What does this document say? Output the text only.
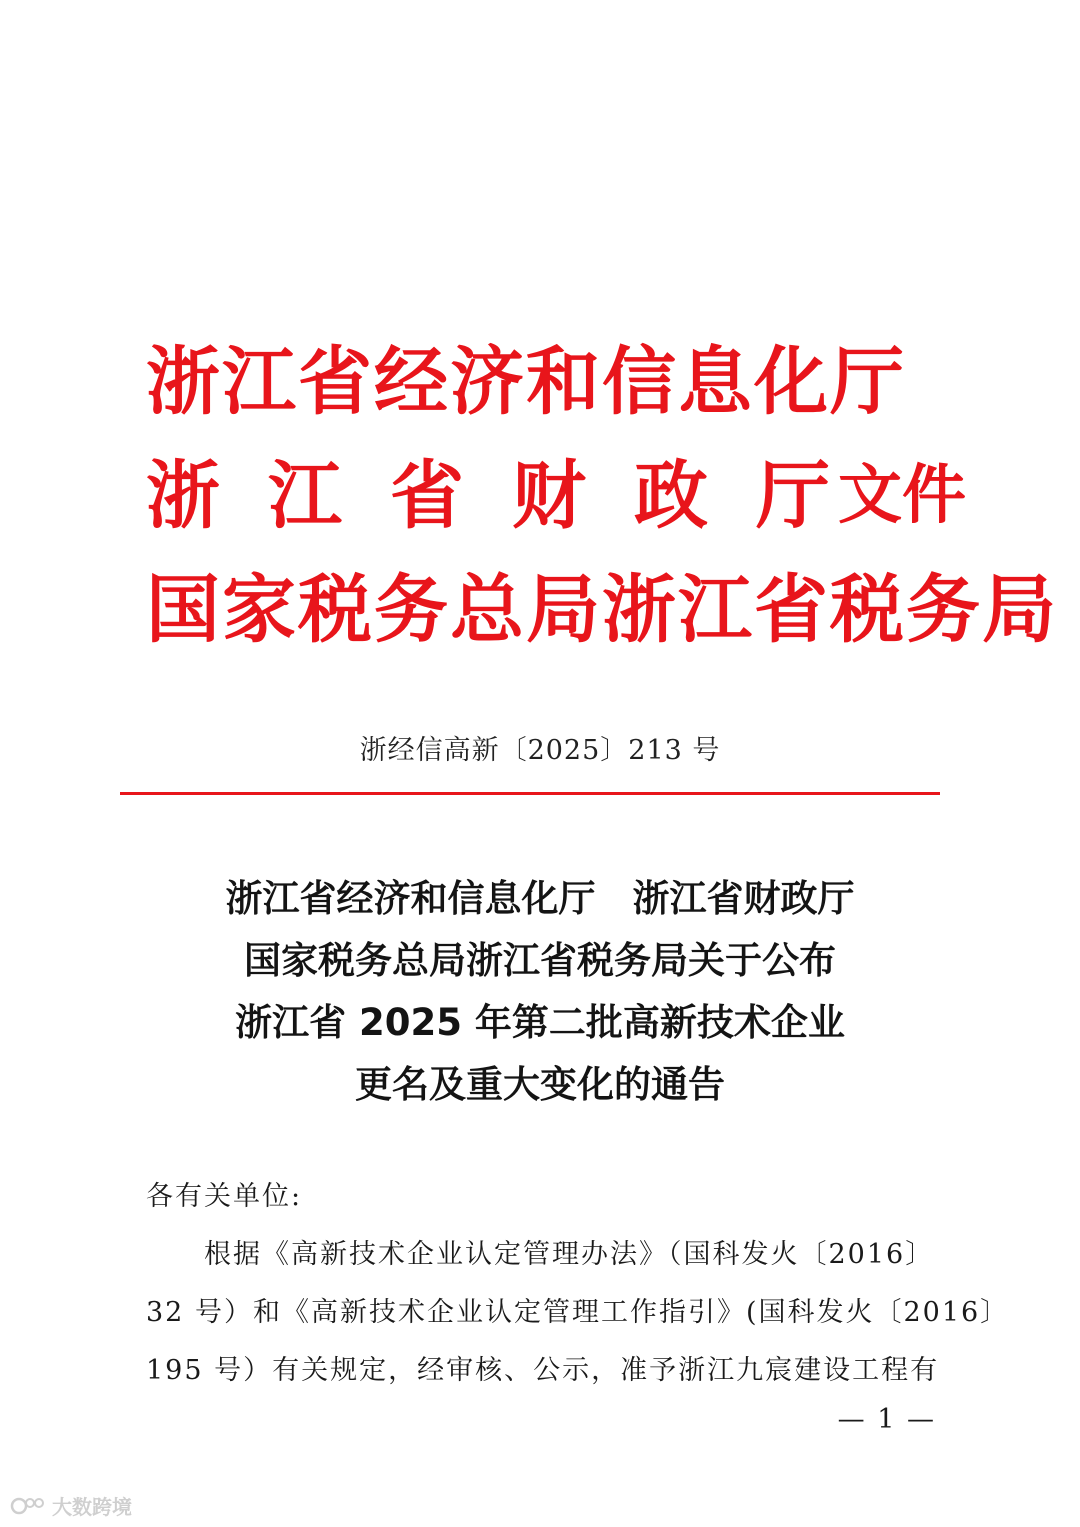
浙江省经济和信息化厅
浙 江 省 财 政 厅文件
国家税务总局浙江省税务局
浙经信高新〔2025〕213 号
浙江省经济和信息化厅　浙江省财政厅
国家税务总局浙江省税务局关于公布
浙江省 2025 年第二批高新技术企业
更名及重大变化的通告
各有关单位:
根据《高新技术企业认定管理办法》（国科发火〔2016〕
32 号）和《高新技术企业认定管理工作指引》(国科发火〔2016〕
195 号）有关规定，经审核、公示，准予浙江九宸建设工程有
— 1 —
大数跨境
